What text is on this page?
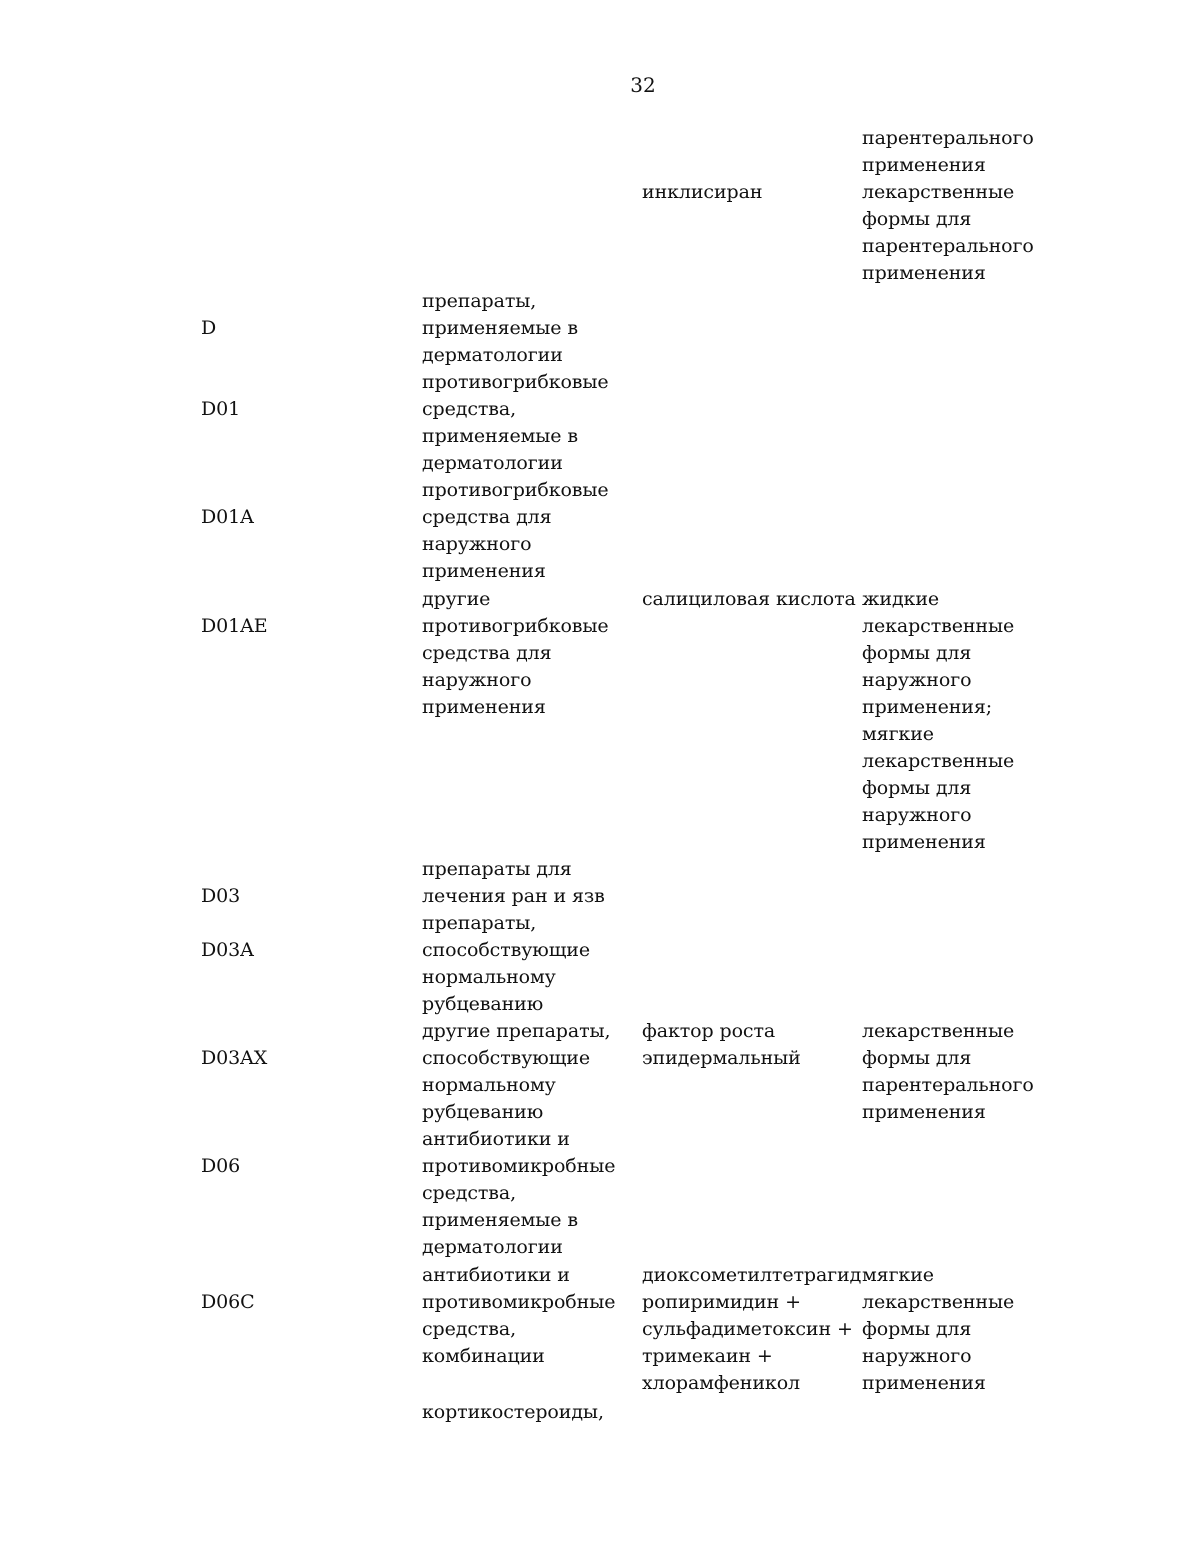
32
инклисиран
парентерального
применения
лекарственные
формы для
парентерального
применения
D
препараты,
применяемые в
дерматологии
D01
противогрибковые
средства,
применяемые в
дерматологии
D01A
противогрибковые
средства для
наружного
применения
D01AE
другие
противогрибковые
средства для
наружного
применения
салициловая кислота жидкие
лекарственные
формы для
наружного
применения;
мягкие
лекарственные
формы для
наружного
применения
D03
препараты для
лечения ран и язв
D03A
препараты,
способствующие
нормальному
рубцеванию
D03AX
другие препараты,
способствующие
нормальному
рубцеванию
фактор роста
эпидермальный
лекарственные
формы для
парентерального
применения
D06
антибиотики и
противомикробные
средства,
применяемые в
дерматологии
D06C
антибиотики и
противомикробные
средства, комбинации
диоксометилтетрагид
ропиримидин +
сульфадиметоксин +
тримекаин +
хлорамфеникол
мягкие
лекарственные
формы для
наружного
применения
кортикостероиды,
